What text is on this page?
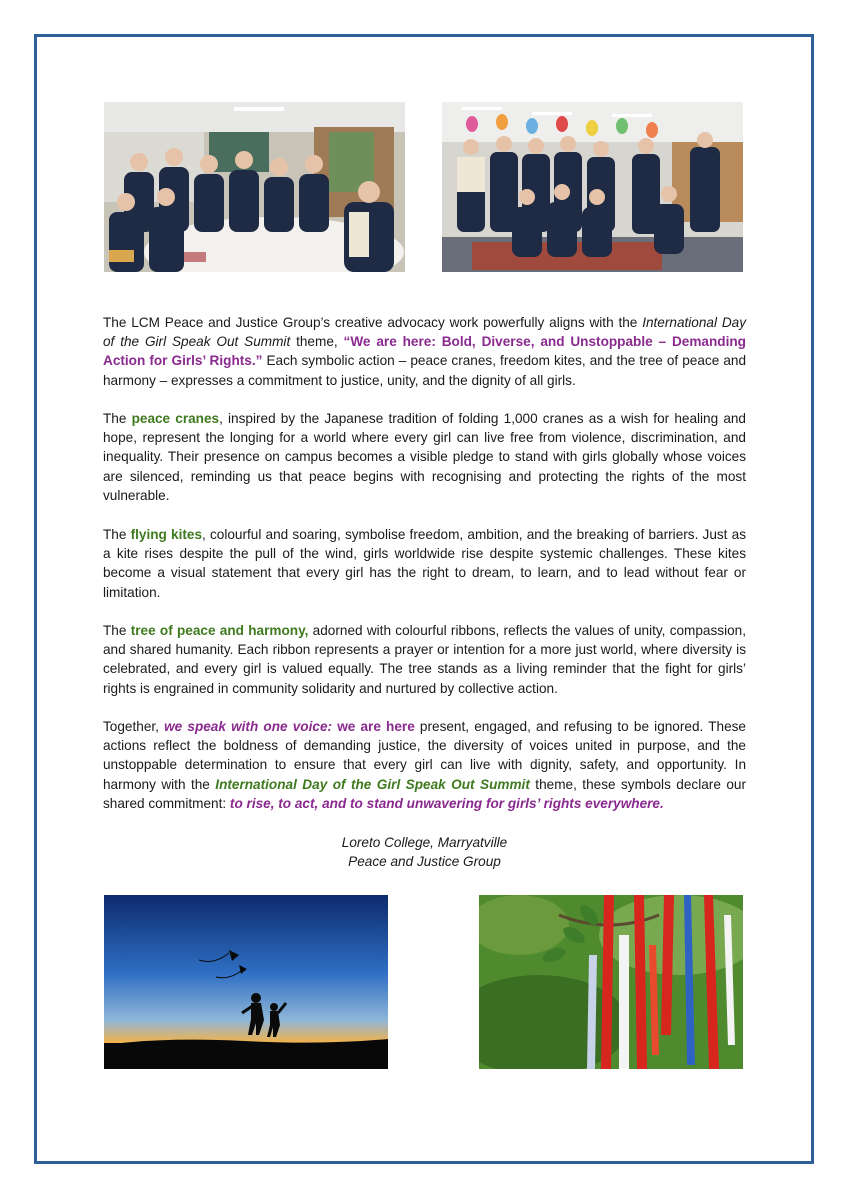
The LCM Peace and Justice Group’s creative advocacy work powerfully aligns with the International Day of the Girl Speak Out Summit theme, “We are here: Bold, Diverse, and Unstoppable – Demanding Action for Girls’ Rights.” Each symbolic action – peace cranes, freedom kites, and the tree of peace and harmony – expresses a commitment to justice, unity, and the dignity of all girls.

The peace cranes, inspired by the Japanese tradition of folding 1,000 cranes as a wish for healing and hope, represent the longing for a world where every girl can live free from violence, discrimination, and inequality. Their presence on campus becomes a visible pledge to stand with girls globally whose voices are silenced, reminding us that peace begins with recognising and protecting the rights of the most vulnerable.

The flying kites, colourful and soaring, symbolise freedom, ambition, and the breaking of barriers. Just as a kite rises despite the pull of the wind, girls worldwide rise despite systemic challenges. These kites become a visual statement that every girl has the right to dream, to learn, and to lead without fear or limitation.

The tree of peace and harmony, adorned with colourful ribbons, reflects the values of unity, compassion, and shared humanity. Each ribbon represents a prayer or intention for a more just world, where diversity is celebrated, and every girl is valued equally. The tree stands as a living reminder that the fight for girls’ rights is engrained in community solidarity and nurtured by collective action.

Together, we speak with one voice: we are here present, engaged, and refusing to be ignored. These actions reflect the boldness of demanding justice, the diversity of voices united in purpose, and the unstoppable determination to ensure that every girl can live with dignity, safety, and opportunity. In harmony with the International Day of the Girl Speak Out Summit theme, these symbols declare our shared commitment: to rise, to act, and to stand unwavering for girls’ rights everywhere.

Loreto College, Marryatville
Peace and Justice Group
